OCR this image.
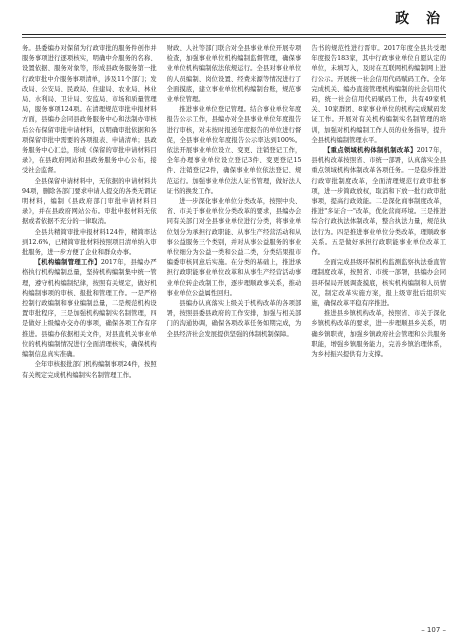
政 治

务。县委编办对保留为行政审批的服务件创作并服务事项进行逐项核实，明确中介服务的名称、设置依据、服务对象等，形成县政务服务第一批行政审批中介服务事项清单，涉及11个部门；发改局、公安局、民政局、住建局、农业局、林业局、水利局、卫计局、安监局、市场和质量管理局，服务事项124项。在清理规范审批申报材料方面，县编办会同县政务服务中心和法制办审核后公布保留审批申请材料，以明确审批依据和各项保留审批中需要的各项报表、申请清单；县政务服务中心汇总，形成《保留的审批申请材料目录》，在县政府网站和县政务服务中心公布，接受社会监督。

全县保留申请材料中，无依据的申请材料共94项，删除各部门要求申请人提交的各类无谓证明材料，编制《县政府部门审批申请材料目录》，并在县政府网站公布。审批申报材料无依据或者依据不充分的一律取消。

全县共精简审批申报材料124件，精简率达到12.6%，已精简审批材料按照项目清单纳入审批服务，进一步方便了企业和群众办事。

【机构编制管理工作】2017年，县编办严格执行机构编制总量，坚持机构编制集中统一管理，遵守机构编制纪律，按照有关规定，做好机构编制事项的审核、报批和管理工作。一是严格控制行政编制和事业编制总量，二是规范机构设置审批程序，三是加强机构编制实名制管理，四是做好上级编办交办的事项，确保各项工作有序推进。县编办依据相关文件，对县直机关事业单位的机构编制情况进行全面清理核实，确保机构编制信息真实准确。

全年审核报批部门机构编制事项24件，按照有关规定完成机构编制实名制管理工作。

财政、人社等部门联合对全县事业单位开展专项检查，加强事业单位机构编制监督管理，确保事业单位机构编制依法依规运行。全县对事业单位的人员编制、岗位设置、经费来源等情况进行了全面摸底，建立事业单位机构编制台账，规范事业单位管理。

推进事业单位登记管理。结合事业单位年度报告公示工作，县编办对全县事业单位年度报告进行审核，对未按时报送年度报告的单位进行督促，全县事业单位年度报告公示率达到100%。依法开展事业单位设立、变更、注销登记工作，全年办理事业单位设立登记3件、变更登记15件、注销登记2件，确保事业单位依法登记、规范运行。加强事业单位法人证书管理，做好法人证书的换发工作。

进一步深化事业单位分类改革，按照中央、省、市关于事业单位分类改革的要求，县编办会同有关部门对全县事业单位进行分类，将事业单位划分为承担行政职能、从事生产经营活动和从事公益服务三个类别，并对从事公益服务的事业单位细分为公益一类和公益二类，分类结果报市编委审核同意后实施。在分类的基础上，推进承担行政职能事业单位改革和从事生产经营活动事业单位转企改制工作，逐步理顺政事关系，推动事业单位公益属性回归。

县编办认真落实上级关于机构改革的各项部署，按照县委县政府的工作安排，加强与相关部门的沟通协调，确保各项改革任务如期完成，为全县经济社会发展提供坚强的体制机制保障。

告书的规范性进行晋审。2017年度全县共受理年度报告183家，其中行政事业单位自愿认定的单位，未填写入，及时在互联网机构编制网上进行公示。开展统一社会信用代码赋码工作。全年完成机关、编办直接管理机构编制的社会信用代码，统一社会信用代码赋码工作，共有49家机关、10家群团、8家事业单位的机构完成赋码发证工作。开展对有关机构编制实名制管理的培训，加强对机构编制工作人员的业务指导，提升全县机构编制管理水平。

【重点领域机构体制机制改革】2017年，县机构改革按照省、市统一部署，认真落实全县重点领域机构体制改革各项任务。一是稳步推进行政审批制度改革，全面清理规范行政审批事项，进一步简政放权，取消和下放一批行政审批事项，提高行政效能。二是深化商事制度改革，推进"多证合一"改革，优化营商环境。三是推进综合行政执法体制改革，整合执法力量，规范执法行为。四是推进事业单位分类改革，理顺政事关系。五是做好承担行政职能事业单位改革工作。

全面完成县级环保机构监测监察执法垂直管理制度改革，按照省、市统一部署，县编办会同县环保局开展调查摸底，核实机构编制和人员情况，制定改革实施方案，报上级审批后组织实施，确保改革平稳有序推进。

推进县乡镇机构改革，按照省、市关于深化乡镇机构改革的要求，进一步理顺县乡关系，明确乡镇职责，加强乡镇政府社会管理和公共服务职能，增强乡镇服务能力，完善乡镇治理体系，为乡村振兴提供有力支撑。

– 107 –
